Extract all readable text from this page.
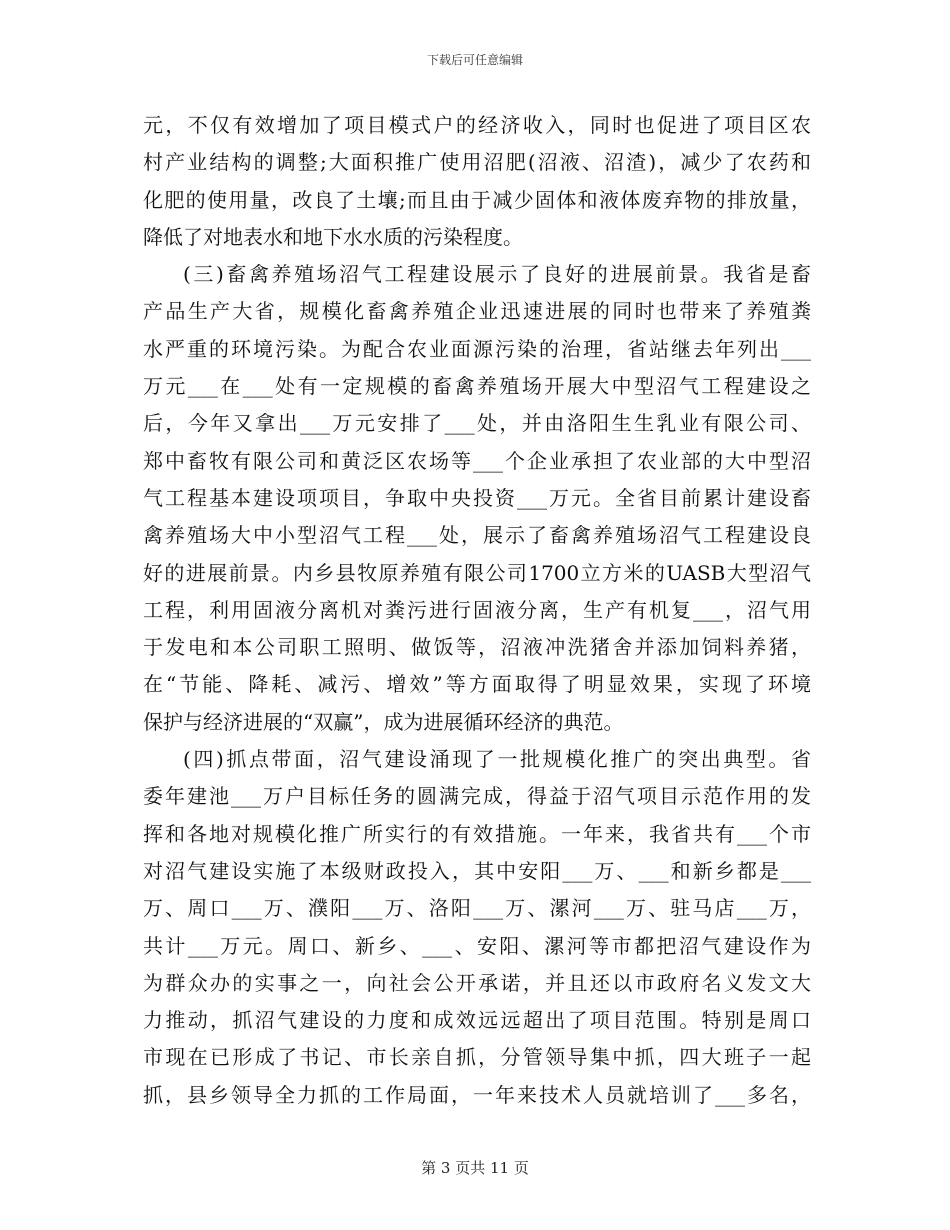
下载后可任意编辑
元，不仅有效增加了项目模式户的经济收入，同时也促进了项目区农
村产业结构的调整;大面积推广使用沼肥(沼液、沼渣)，减少了农药和
化肥的使用量，改良了土壤;而且由于减少固体和液体废弃物的排放量，
降低了对地表水和地下水水质的污染程度。
(三)畜禽养殖场沼气工程建设展示了良好的进展前景。我省是畜
产品生产大省，规模化畜禽养殖企业迅速进展的同时也带来了养殖粪
水严重的环境污染。为配合农业面源污染的治理，省站继去年列出___
万元___在___处有一定规模的畜禽养殖场开展大中型沼气工程建设之
后，今年又拿出___万元安排了___处，并由洛阳生生乳业有限公司、
郑中畜牧有限公司和黄泛区农场等___个企业承担了农业部的大中型沼
气工程基本建设项项目，争取中央投资___万元。全省目前累计建设畜
禽养殖场大中小型沼气工程___处，展示了畜禽养殖场沼气工程建设良
好的进展前景。内乡县牧原养殖有限公司1700立方米的UASB大型沼气
工程，利用固液分离机对粪污进行固液分离，生产有机复___，沼气用
于发电和本公司职工照明、做饭等，沼液冲洗猪舍并添加饲料养猪，
在“节能、降耗、减污、增效”等方面取得了明显效果，实现了环境
保护与经济进展的“双赢”，成为进展循环经济的典范。
(四)抓点带面，沼气建设涌现了一批规模化推广的突出典型。省
委年建池___万户目标任务的圆满完成，得益于沼气项目示范作用的发
挥和各地对规模化推广所实行的有效措施。一年来，我省共有___个市
对沼气建设实施了本级财政投入，其中安阳___万、___和新乡都是___
万、周口___万、濮阳___万、洛阳___万、漯河___万、驻马店___万，
共计___万元。周口、新乡、___、安阳、漯河等市都把沼气建设作为
为群众办的实事之一，向社会公开承诺，并且还以市政府名义发文大
力推动，抓沼气建设的力度和成效远远超出了项目范围。特别是周口
市现在已形成了书记、市长亲自抓，分管领导集中抓，四大班子一起
抓，县乡领导全力抓的工作局面，一年来技术人员就培训了___多名，
第 3 页共 11 页
